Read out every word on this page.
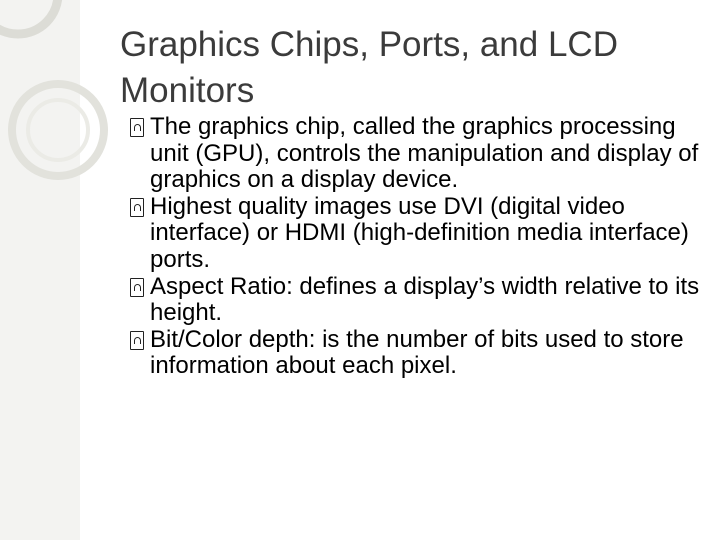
Graphics Chips, Ports, and LCD Monitors
The graphics chip, called the graphics processing unit (GPU), controls the manipulation and display of graphics on a display device.
Highest quality images use DVI (digital video interface) or HDMI (high-definition media interface) ports.
Aspect Ratio: defines a display’s width relative to its height.
Bit/Color depth: is the number of bits used to store information about each pixel.
